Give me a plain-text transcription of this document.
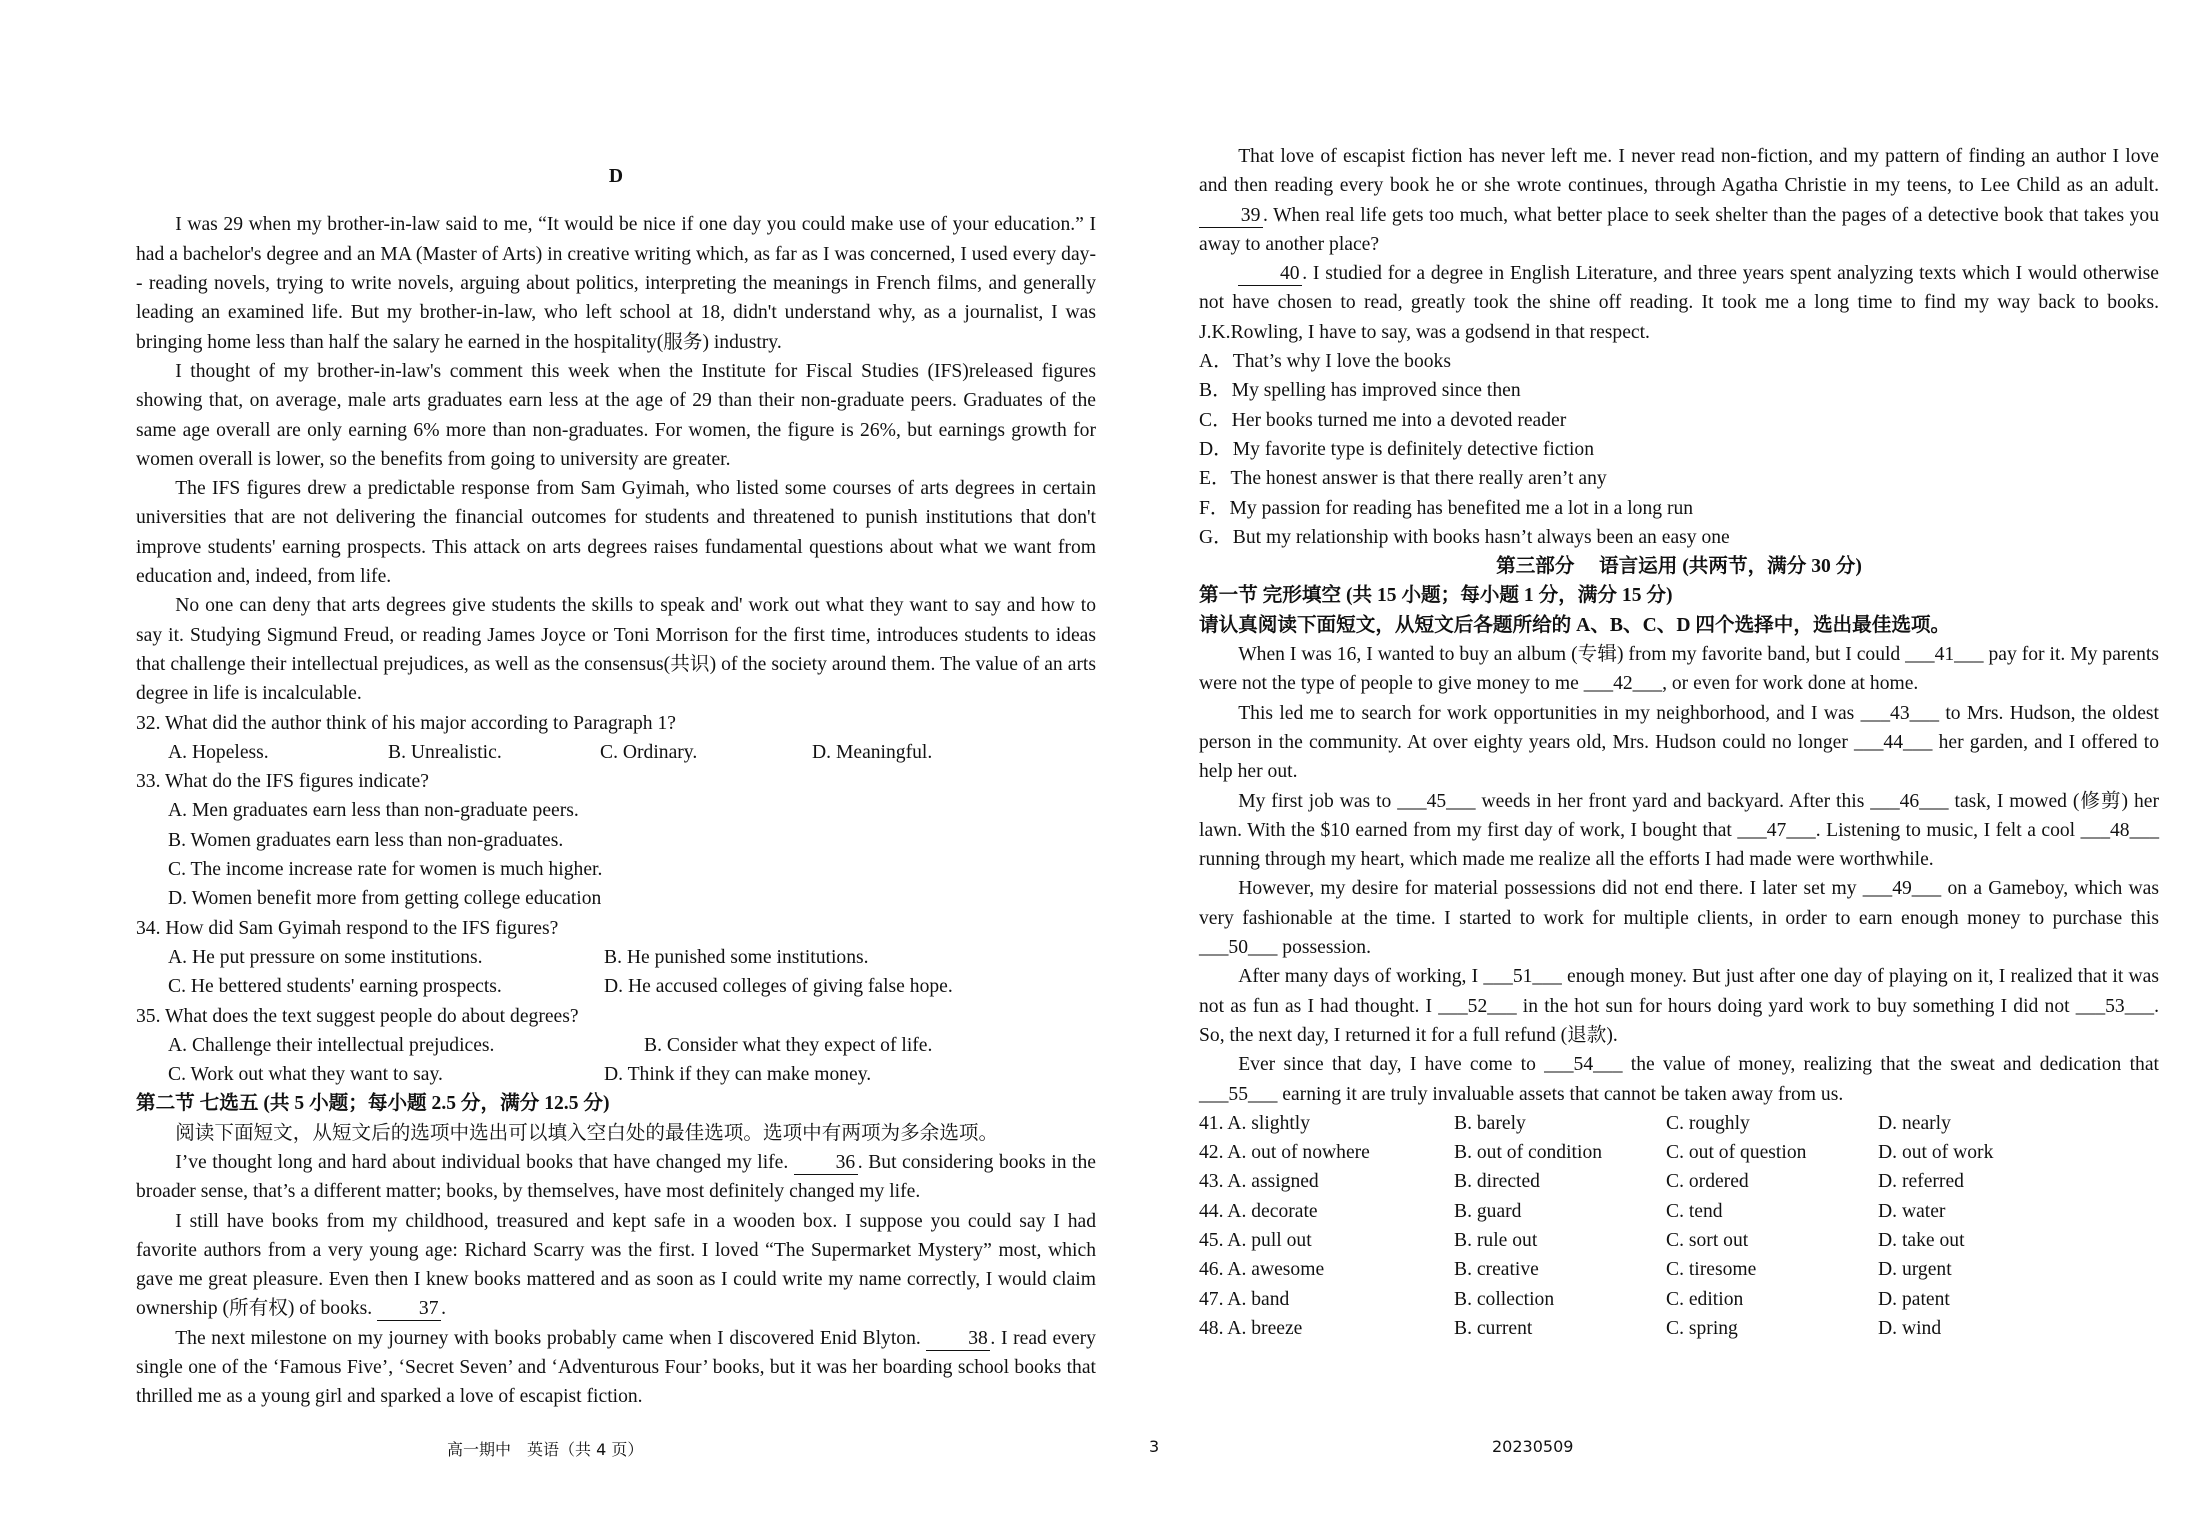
D

I was 29 when my brother-in-law said to me, “It would be nice if one day you could make use of your education.” I had a bachelor's degree and an MA (Master of Arts) in creative writing which, as far as I was concerned, I used every day-- reading novels, trying to write novels, arguing about politics, interpreting the meanings in French films, and generally leading an examined life. But my brother-in-law, who left school at 18, didn't understand why, as a journalist, I was bringing home less than half the salary he earned in the hospitality(服务) industry.

I thought of my brother-in-law's comment this week when the Institute for Fiscal Studies (IFS)released figures showing that, on average, male arts graduates earn less at the age of 29 than their non-graduate peers. Graduates of the same age overall are only earning 6% more than non-graduates. For women, the figure is 26%, but earnings growth for women overall is lower, so the benefits from going to university are greater.

The IFS figures drew a predictable response from Sam Gyimah, who listed some courses of arts degrees in certain universities that are not delivering the financial outcomes for students and threatened to punish institutions that don't improve students' earning prospects. This attack on arts degrees raises fundamental questions about what we want from education and, indeed, from life.

No one can deny that arts degrees give students the skills to speak and' work out what they want to say and how to say it. Studying Sigmund Freud, or reading James Joyce or Toni Morrison for the first time, introduces students to ideas that challenge their intellectual prejudices, as well as the consensus(共识) of the society around them. The value of an arts degree in life is incalculable.

32. What did the author think of his major according to Paragraph 1?

A. Hopeless.	B. Unrealistic.	C. Ordinary.	D. Meaningful.

33. What do the IFS figures indicate?

A. Men graduates earn less than non-graduate peers.
B. Women graduates earn less than non-graduates.
C. The income increase rate for women is much higher.
D. Women benefit more from getting college education

34. How did Sam Gyimah respond to the IFS figures?

A. He put pressure on some institutions.	B. He punished some institutions.
C. He bettered students' earning prospects.	D. He accused colleges of giving false hope.

35. What does the text suggest people do about degrees?

A. Challenge their intellectual prejudices.	B. Consider what they expect of life.
C. Work out what they want to say.	D. Think if they can make money.

第二节 七选五 (共 5 小题；每小题 2.5 分，满分 12.5 分)

阅读下面短文，从短文后的选项中选出可以填入空白处的最佳选项。选项中有两项为多余选项。

I’ve thought long and hard about individual books that have changed my life. 36 . But considering books in the broader sense, that’s a different matter; books, by themselves, have most definitely changed my life.

I still have books from my childhood, treasured and kept safe in a wooden box. I suppose you could say I had favorite authors from a very young age: Richard Scarry was the first. I loved “The Supermarket Mystery” most, which gave me great pleasure. Even then I knew books mattered and as soon as I could write my name correctly, I would claim ownership (所有权) of books. 37 .

The next milestone on my journey with books probably came when I discovered Enid Blyton. 38 . I read every single one of the ‘Famous Five’, ‘Secret Seven’ and ‘Adventurous Four’ books, but it was her boarding school books that thrilled me as a young girl and sparked a love of escapist fiction.

That love of escapist fiction has never left me. I never read non-fiction, and my pattern of finding an author I love and then reading every book he or she wrote continues, through Agatha Christie in my teens, to Lee Child as an adult. 39 . When real life gets too much, what better place to seek shelter than the pages of a detective book that takes you away to another place?

40 . I studied for a degree in English Literature, and three years spent analyzing texts which I would otherwise not have chosen to read, greatly took the shine off reading. It took me a long time to find my way back to books. J.K.Rowling, I have to say, was a godsend in that respect.

A．That’s why I love the books

B．My spelling has improved since then

C．Her books turned me into a devoted reader

D．My favorite type is definitely detective fiction

E．The honest answer is that there really aren’t any

F．My passion for reading has benefited me a lot in a long run

G．But my relationship with books hasn’t always been an easy one

第三部分　 语言运用 (共两节，满分 30 分)

第一节 完形填空 (共 15 小题；每小题 1 分，满分 15 分)

请认真阅读下面短文，从短文后各题所给的 A、B、C、D 四个选择中，选出最佳选项。

When I was 16, I wanted to buy an album (专辑) from my favorite band, but I could ___41___ pay for it. My parents were not the type of people to give money to me ___42___, or even for work done at home.

This led me to search for work opportunities in my neighborhood, and I was ___43___ to Mrs. Hudson, the oldest person in the community. At over eighty years old, Mrs. Hudson could no longer ___44___ her garden, and I offered to help her out.

My first job was to ___45___ weeds in her front yard and backyard. After this ___46___ task, I mowed (修剪) her lawn. With the $10 earned from my first day of work, I bought that ___47___. Listening to music, I felt a cool ___48___ running through my heart, which made me realize all the efforts I had made were worthwhile.

However, my desire for material possessions did not end there. I later set my ___49___ on a Gameboy, which was very fashionable at the time. I started to work for multiple clients, in order to earn enough money to purchase this ___50___ possession.

After many days of working, I ___51___ enough money. But just after one day of playing on it, I realized that it was not as fun as I had thought. I ___52___ in the hot sun for hours doing yard work to buy something I did not ___53___. So, the next day, I returned it for a full refund (退款).

Ever since that day, I have come to ___54___ the value of money, realizing that the sweat and dedication that ___55___ earning it are truly invaluable assets that cannot be taken away from us.

41. A. slightly	B. barely	C. roughly	D. nearly
42. A. out of nowhere	B. out of condition	C. out of question	D. out of work
43. A. assigned	B. directed	C. ordered	D. referred
44. A. decorate	B. guard	C. tend	D. water
45. A. pull out	B. rule out	C. sort out	D. take out
46. A. awesome	B. creative	C. tiresome	D. urgent
47. A. band	B. collection	C. edition	D. patent
48. A. breeze	B. current	C. spring	D. wind
高一期中　英语（共 4 页）	3	20230509
